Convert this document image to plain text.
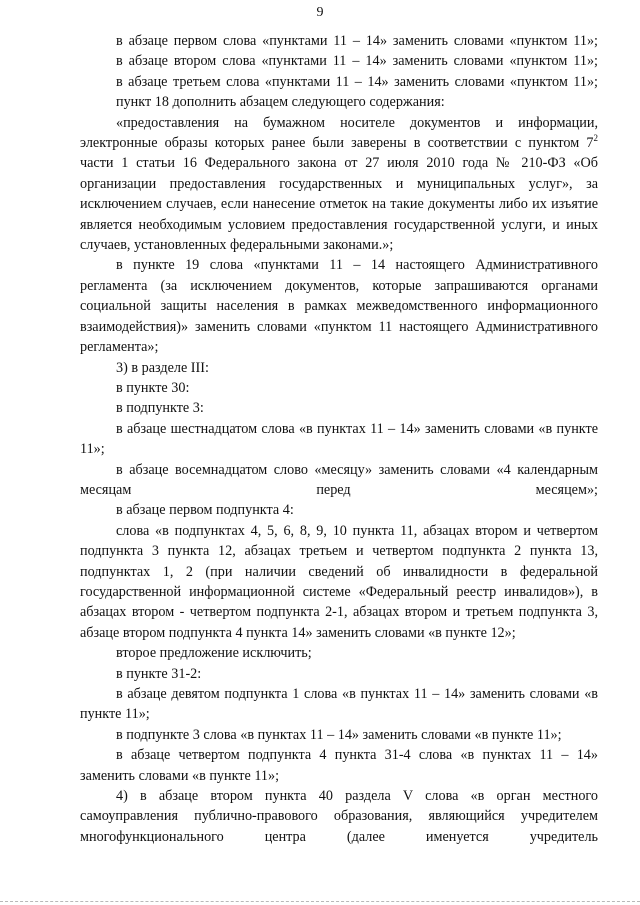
9

в абзаце первом слова «пунктами 11 – 14» заменить словами «пунктом 11»;

в абзаце втором слова «пунктами 11 – 14» заменить словами «пунктом 11»;

в абзаце третьем слова «пунктами 11 – 14» заменить словами «пунктом 11»;

пункт 18 дополнить абзацем следующего содержания:

«предоставления на бумажном носителе документов и информации, электронные образы которых ранее были заверены в соответствии с пунктом $7^2$ части 1 статьи 16 Федерального закона от 27 июля 2010 года № 210-ФЗ «Об организации предоставления государственных и муниципальных услуг», за исключением случаев, если нанесение отметок на такие документы либо их изъятие является необходимым условием предоставления государственной услуги, и иных случаев, установленных федеральными законами.»;

в пункте 19 слова «пунктами 11 – 14 настоящего Административного регламента (за исключением документов, которые запрашиваются органами социальной защиты населения в рамках межведомственного информационного взаимодействия)» заменить словами «пунктом 11 настоящего Административного регламента»;

3) в разделе III:

в пункте 30:

в подпункте 3:

в абзаце шестнадцатом слова «в пунктах 11 – 14» заменить словами «в пункте 11»;

в абзаце восемнадцатом слово «месяцу» заменить словами «4 календарным месяцам перед месяцем»;

в абзаце первом подпункта 4:

слова «в подпунктах 4, 5, 6, 8, 9, 10 пункта 11, абзацах втором и четвертом подпункта 3 пункта 12, абзацах третьем и четвертом подпункта 2 пункта 13, подпунктах 1, 2 (при наличии сведений об инвалидности в федеральной государственной информационной системе «Федеральный реестр инвалидов»), в абзацах втором - четвертом подпункта 2-1, абзацах втором и третьем подпункта 3, абзаце втором подпункта 4 пункта 14» заменить словами «в пункте 12»;

второе предложение исключить;

в пункте 31-2:

в абзаце девятом подпункта 1 слова «в пунктах 11 – 14» заменить словами «в пункте 11»;

в подпункте 3 слова «в пунктах 11 – 14» заменить словами «в пункте 11»;

в абзаце четвертом подпункта 4 пункта 31-4 слова «в пунктах 11 – 14» заменить словами «в пункте 11»;

4) в абзаце втором пункта 40 раздела V слова «в орган местного самоуправления публично-правового образования, являющийся учредителем многофункционального центра (далее именуется учредитель
